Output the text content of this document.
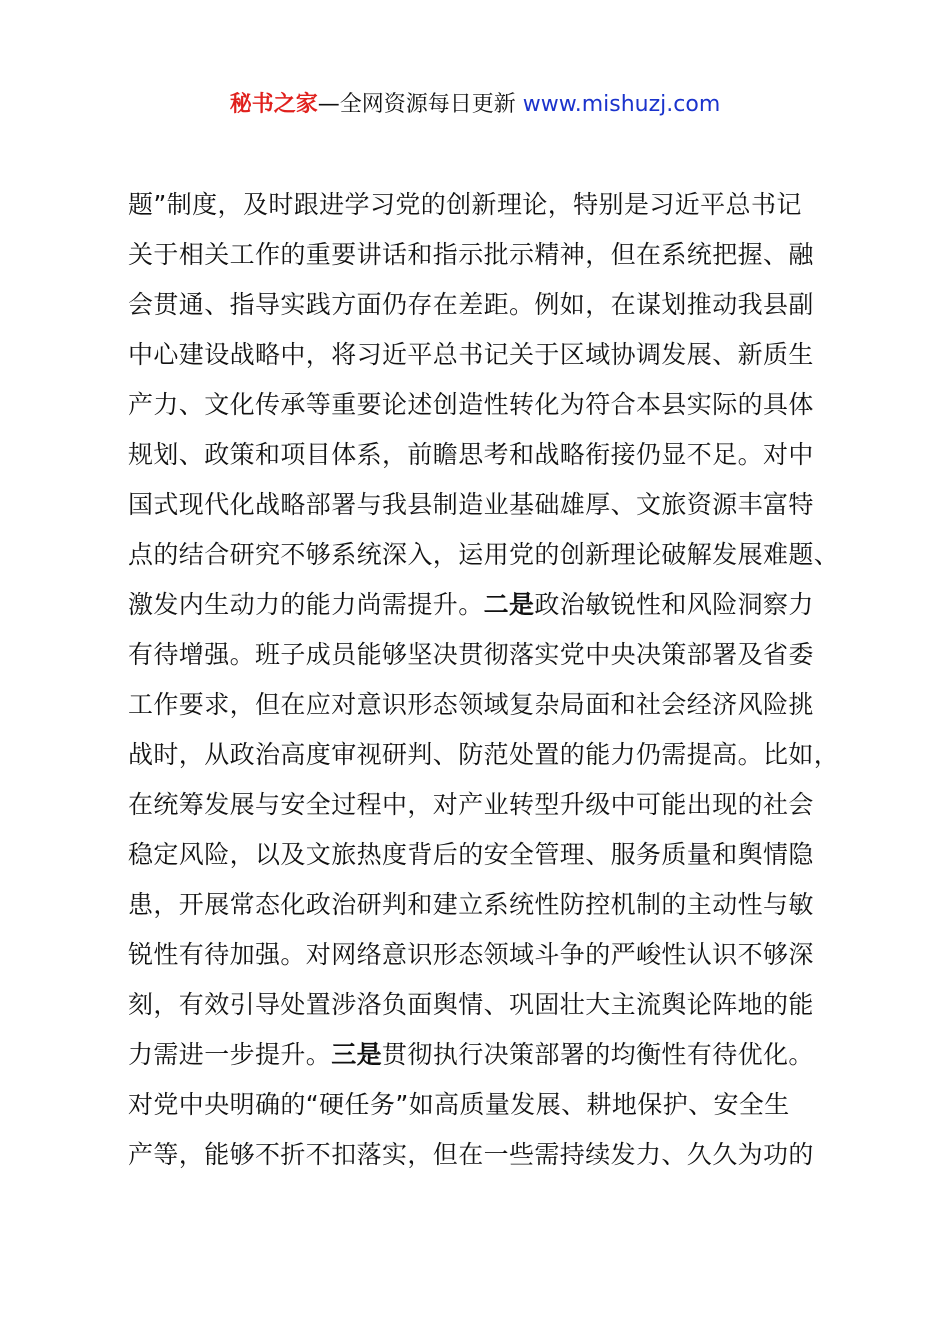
秘书之家—全网资源每日更新 www.mishuzj.com
题”制度，及时跟进学习党的创新理论，特别是习近平总书记
关于相关工作的重要讲话和指示批示精神，但在系统把握、融
会贯通、指导实践方面仍存在差距。例如，在谋划推动我县副
中心建设战略中，将习近平总书记关于区域协调发展、新质生
产力、文化传承等重要论述创造性转化为符合本县实际的具体
规划、政策和项目体系，前瞻思考和战略衔接仍显不足。对中
国式现代化战略部署与我县制造业基础雄厚、文旅资源丰富特
点的结合研究不够系统深入，运用党的创新理论破解发展难题、
激发内生动力的能力尚需提升。二是政治敏锐性和风险洞察力
有待增强。班子成员能够坚决贯彻落实党中央决策部署及省委
工作要求，但在应对意识形态领域复杂局面和社会经济风险挑
战时，从政治高度审视研判、防范处置的能力仍需提高。比如，
在统筹发展与安全过程中，对产业转型升级中可能出现的社会
稳定风险，以及文旅热度背后的安全管理、服务质量和舆情隐
患，开展常态化政治研判和建立系统性防控机制的主动性与敏
锐性有待加强。对网络意识形态领域斗争的严峻性认识不够深
刻，有效引导处置涉洛负面舆情、巩固壮大主流舆论阵地的能
力需进一步提升。三是贯彻执行决策部署的均衡性有待优化。
对党中央明确的“硬任务”如高质量发展、耕地保护、安全生
产等，能够不折不扣落实，但在一些需持续发力、久久为功的
